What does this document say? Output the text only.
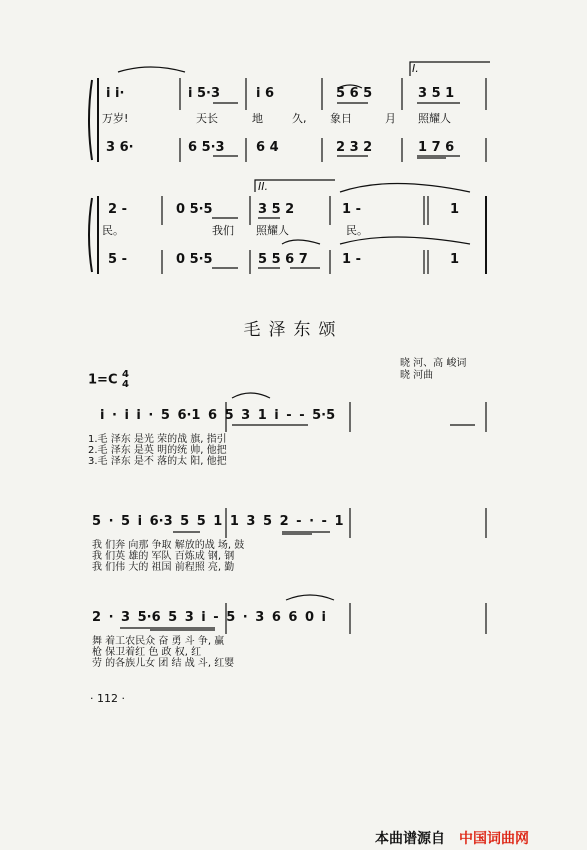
I.
i i·	i 5·3	i 6	5 6 5	3 5 1
万岁!	天长	地	久, 象日	月 照耀人
3 6·	6 5·3 6 4	2 3 2	1 7 6
II.
2 -	0 5·5	3 5 2	1 -	1
民。	我们 照耀人	民。
5 -	0 5·5	5 5 6 7	1 -	1
毛泽东颂
晓 河、高 峻词
晓 河曲
1=C 4
4
i · i i · 5 6·1 6 5 3 1 i - - 5·5
1.毛 泽东 是光 荣的战 旗, 指引
2.毛 泽东 是英 明的统 帅, 他把
3.毛 泽东 是不 落的太 阳, 他把
5 · 5 i 6·3 5 5 1 1 3 5 2 - · - 1
我 们奔 向那 争取 解放的战 场, 鼓
我 们英 雄的 军队 百炼成 钢, 钢
我 们伟 大的 祖国 前程照 亮, 勤
2 · 3 5·6 5 3 i - 5 · 3 6 6 0 i
舞 着工农民众 奋 勇 斗 争, 赢
枪 保卫着红 色 政 权, 红
劳 的各族儿女 团 结 战 斗, 红婴
· 112 ·
本曲谱源自 中国词曲网
